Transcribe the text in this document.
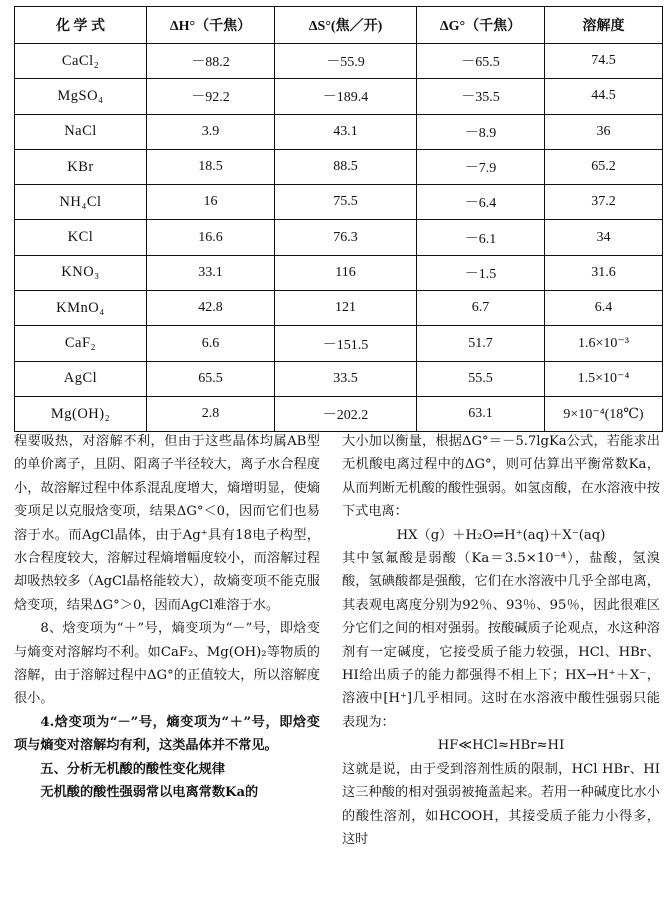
化 学 式	ΔH°（千焦）	ΔS°(焦／开)	ΔG°（千焦）	溶解度
CaCl₂	－88.2	－55.9	－65.5	74.5
MgSO₄	－92.2	－189.4	－35.5	44.5
NaCl	3.9	43.1	－8.9	36
KBr	18.5	88.5	－7.9	65.2
NH₄Cl	16	75.5	－6.4	37.2
KCl	16.6	76.3	－6.1	34
KNO₃	33.1	116	－1.5	31.6
KMnO₄	42.8	121	6.7	6.4
CaF₂	6.6	－151.5	51.7	1.6×10⁻³
AgCl	65.5	33.5	55.5	1.5×10⁻⁴
Mg(OH)₂	2.8	－202.2	63.1	9×10⁻⁴(18℃)

程要吸热，对溶解不利，但由于这些晶体均属AB型的单价离子，且阴、阳离子半径较大，离子水合程度小，故溶解过程中体系混乱度增大，熵增明显，使熵变项足以克服焓变项，结果ΔG°＜0，因而它们也易溶于水。而AgCl晶体，由于Ag⁺具有18电子构型，水合程度较大，溶解过程熵增幅度较小，而溶解过程却吸热较多（AgCl晶格能较大），故熵变项不能克服焓变项，结果ΔG°＞0，因而AgCl难溶于水。

8、焓变项为“＋”号，熵变项为“－”号，即焓变与熵变对溶解均不利。如CaF₂、Mg(OH)₂等物质的溶解，由于溶解过程中ΔG°的正值较大，所以溶解度很小。

4.焓变项为“－”号，熵变项为“＋”号，即焓变项与熵变对溶解均有利，这类晶体并不常见。

五、分析无机酸的酸性变化规律

无机酸的酸性强弱常以电离常数Ka的

大小加以衡量，根据ΔG°＝－5.7lgKa公式，若能求出无机酸电离过程中的ΔG°，则可估算出平衡常数Ka，从而判断无机酸的酸性强弱。如氢卤酸，在水溶液中按下式电离：

HX（g）＋H₂O⇌H⁺(aq)＋X⁻(aq)

其中氢氟酸是弱酸（Ka＝3.5×10⁻⁴），盐酸，氢溴酸，氢碘酸都是强酸，它们在水溶液中几乎全部电离，其表观电离度分别为92％、93％、95％，因此很难区分它们之间的相对强弱。按酸碱质子论观点，水这种溶剂有一定碱度，它接受质子能力较强，HCl、HBr、HI给出质子的能力都强得不相上下；HX→H⁺＋X⁻，溶液中[H⁺]几乎相同。这时在水溶液中酸性强弱只能表现为：

HF≪HCl≈HBr≈HI

这就是说，由于受到溶剂性质的限制，HCl HBr、HI这三种酸的相对强弱被掩盖起来。若用一种碱度比水小的酸性溶剂，如HCOOH，其接受质子能力小得多，这时
